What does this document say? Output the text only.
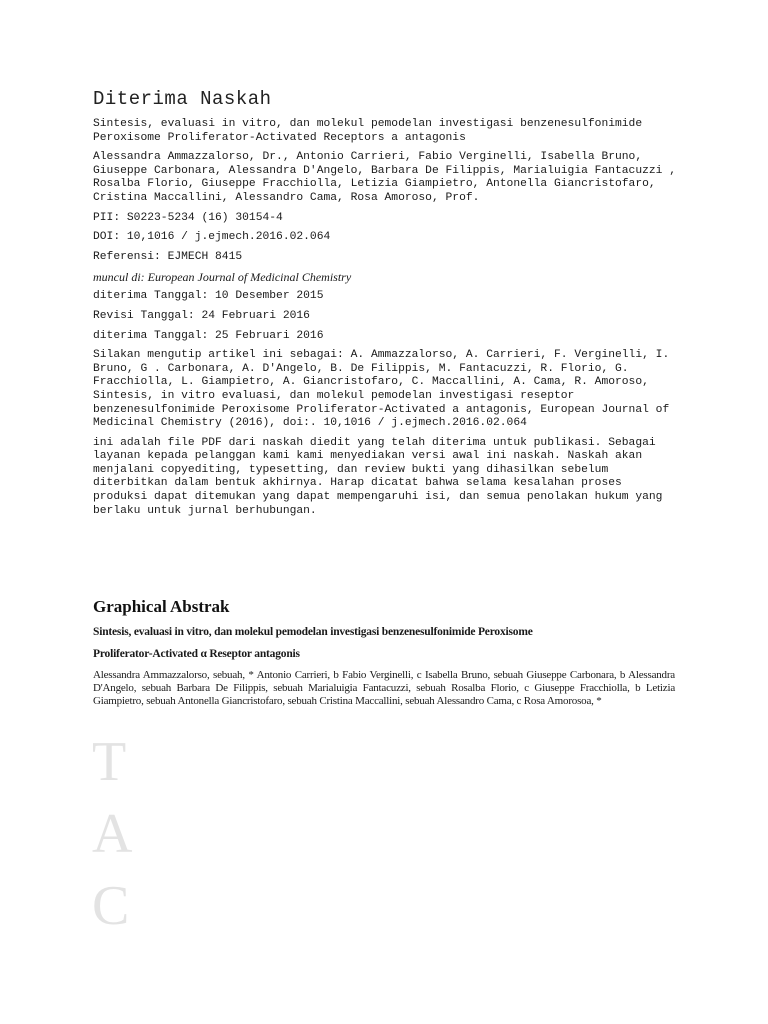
Diterima Naskah

Sintesis, evaluasi in vitro, dan molekul pemodelan investigasi benzenesulfonimide Peroxisome Proliferator-Activated Receptors a antagonis

Alessandra Ammazzalorso, Dr., Antonio Carrieri, Fabio Verginelli, Isabella Bruno, Giuseppe Carbonara, Alessandra D'Angelo, Barbara De Filippis, Marialuigia Fantacuzzi , Rosalba Florio, Giuseppe Fracchiolla, Letizia Giampietro, Antonella Giancristofaro, Cristina Maccallini, Alessandro Cama, Rosa Amoroso, Prof.

PII: S0223-5234 (16) 30154-4

DOI: 10,1016 / j.ejmech.2016.02.064

Referensi: EJMECH 8415

muncul di: European Journal of Medicinal Chemistry

diterima Tanggal: 10 Desember 2015

Revisi Tanggal: 24 Februari 2016

diterima Tanggal: 25 Februari 2016

Silakan mengutip artikel ini sebagai: A. Ammazzalorso, A. Carrieri, F. Verginelli, I. Bruno, G . Carbonara, A. D'Angelo, B. De Filippis, M. Fantacuzzi, R. Florio, G. Fracchiolla, L. Giampietro, A. Giancristofaro, C. Maccallini, A. Cama, R. Amoroso, Sintesis, in vitro evaluasi, dan molekul pemodelan investigasi reseptor benzenesulfonimide Peroxisome Proliferator-Activated a antagonis, European Journal of Medicinal Chemistry (2016), doi:. 10,1016 / j.ejmech.2016.02.064

ini adalah file PDF dari naskah diedit yang telah diterima untuk publikasi. Sebagai layanan kepada pelanggan kami kami menyediakan versi awal ini naskah. Naskah akan menjalani copyediting, typesetting, dan review bukti yang dihasilkan sebelum diterbitkan dalam bentuk akhirnya. Harap dicatat bahwa selama kesalahan proses produksi dapat ditemukan yang dapat mempengaruhi isi, dan semua penolakan hukum yang berlaku untuk jurnal berhubungan.

Graphical Abstrak

Sintesis, evaluasi in vitro, dan molekul pemodelan investigasi benzenesulfonimide Peroxisome

Proliferator-Activated α Reseptor antagonis

Alessandra Ammazzalorso, sebuah, * Antonio Carrieri, b Fabio Verginelli, c Isabella Bruno, sebuah Giuseppe Carbonara, b Alessandra D'Angelo, sebuah Barbara De Filippis, sebuah Marialuigia Fantacuzzi, sebuah Rosalba Florio, c Giuseppe Fracchiolla, b Letizia Giampietro, sebuah Antonella Giancristofaro, sebuah Cristina Maccallini, sebuah Alessandro Cama, c Rosa Amorosoa, *

T
A
C
